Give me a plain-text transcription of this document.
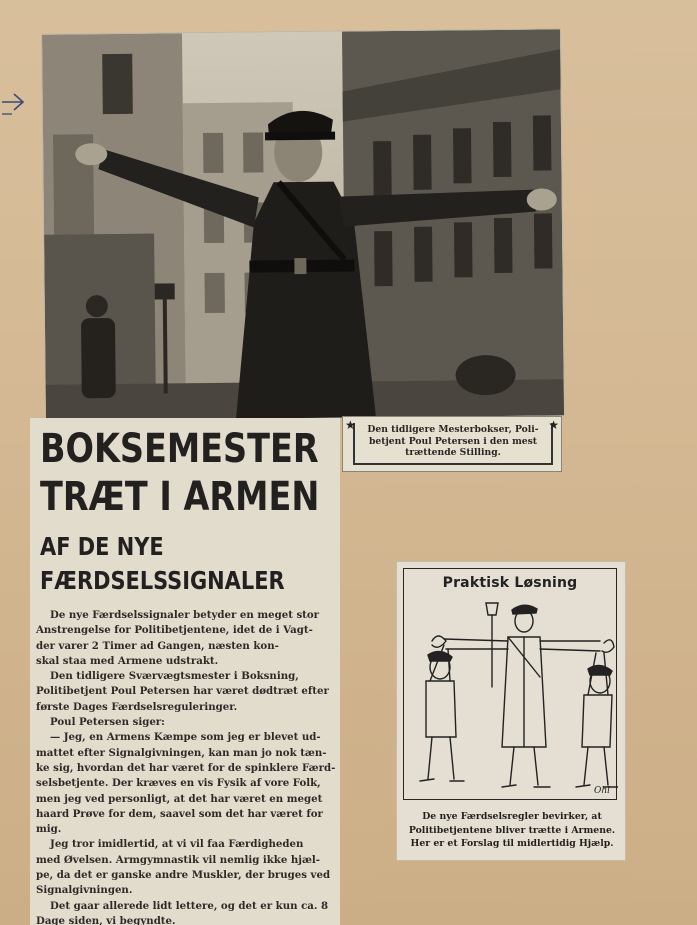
★	★
Den tidligere Mesterbokser, Poli-
betjent Poul Petersen i den mest
trættende Stilling.
BOKSEMESTER
TRÆT I ARMEN
AF DE NYE
FÆRDSELSSIGNALER

De nye Færdselssignaler betyder en meget stor

Anstrengelse for Politibetjentene, idet de i Vagt-

der varer 2 Timer ad Gangen, næsten kon-

skal staa med Armene udstrakt.

Den tidligere Sværvægtsmester i Boksning,

Politibetjent Poul Petersen har været dødtræt efter

første Dages Færdselsreguleringer.

Poul Petersen siger:

— Jeg, en Armens Kæmpe som jeg er blevet ud-

mattet efter Signalgivningen, kan man jo nok tæn-

ke sig, hvordan det har været for de spinklere Færd-

selsbetjente. Der kræves en vis Fysik af vore Folk,

men jeg ved personligt, at det har været en meget

haard Prøve for dem, saavel som det har været for

mig.

Jeg tror imidlertid, at vi vil faa Færdigheden

med Øvelsen. Armgymnastik vil nemlig ikke hjæl-

pe, da det er ganske andre Muskler, der bruges ved

Signalgivningen.

Det gaar allerede lidt lettere, og det er kun ca. 8

Dage siden, vi begyndte.

Praktisk Løsning
Ohl
De nye Færdselsregler bevirker, at
Politibetjentene bliver trætte i Armene.
Her er et Forslag til midlertidig Hjælp.
